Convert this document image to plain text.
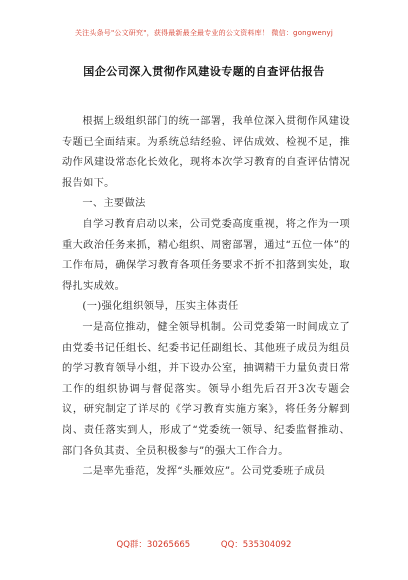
关注头条号"公文研究"，获得最新最全最专业的公文资料库！ 微信：gongwenyj
国企公司深入贯彻作风建设专题的自查评估报告

根据上级组织部门的统一部署，我单位深入贯彻作风建设专题已全面结束。为系统总结经验、评估成效、检视不足，推动作风建设常态化长效化，现将本次学习教育的自查评估情况报告如下。

一、主要做法

自学习教育启动以来，公司党委高度重视，将之作为一项重大政治任务来抓，精心组织、周密部署，通过“五位一体”的工作布局，确保学习教育各项任务要求不折不扣落到实处，取得扎实成效。

(一)强化组织领导，压实主体责任

一是高位推动，健全领导机制。公司党委第一时间成立了由党委书记任组长、纪委书记任副组长、其他班子成员为组员的学习教育领导小组，并下设办公室，抽调精干力量负责日常工作的组织协调与督促落实。领导小组先后召开3次专题会议，研究制定了详尽的《学习教育实施方案》，将任务分解到岗、责任落实到人，形成了“党委统一领导、纪委监督推动、部门各负其责、全员积极参与”的强大工作合力。

二是率先垂范，发挥“头雁效应”。公司党委班子成员

QQ群：30265665	QQ：535304092
